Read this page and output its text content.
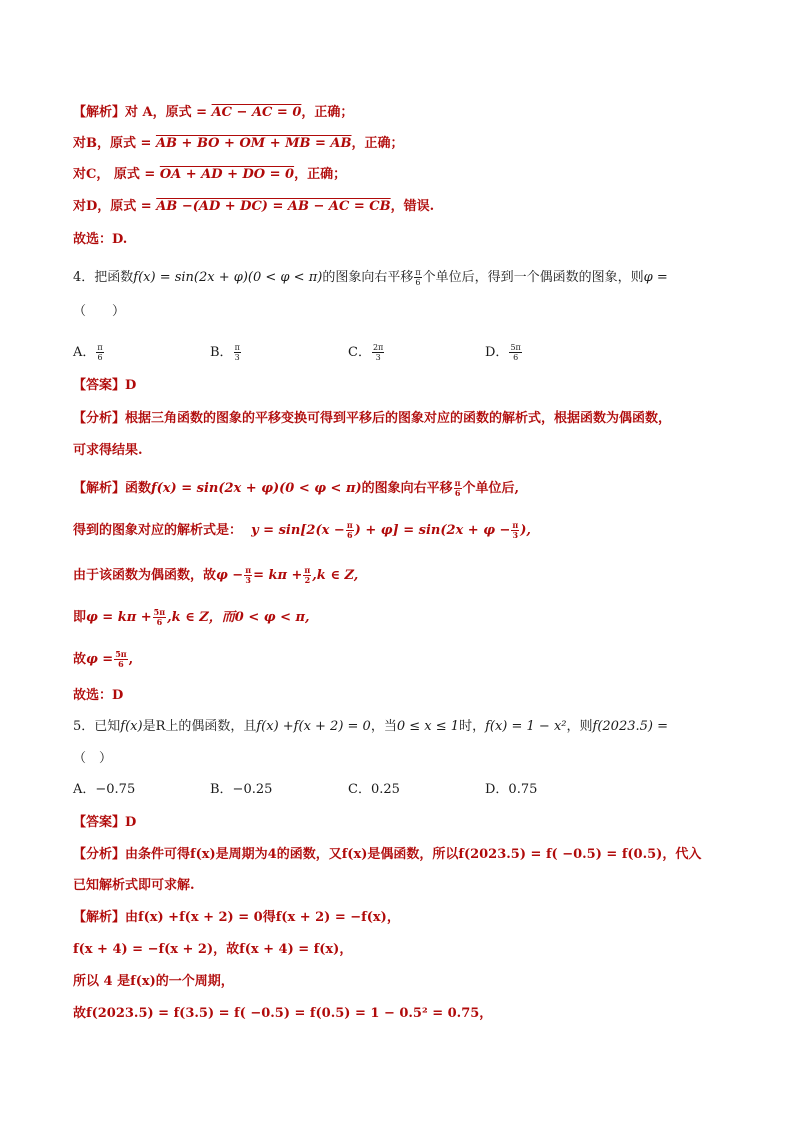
【解析】对 A，原式 = AC − AC = 0，正确；
对B，原式 = AB + BO + OM + MB = AB，正确；
对C， 原式 = OA + AD + DO = 0，正确；
对D，原式 = AB −(AD + DC) = AB − AC = CB，错误.
故选：D.
4．把函数f(x) = sin(2x + φ)(0 < φ < π)的图象向右平移 $\frac{\pi}{6}$ 个单位后，得到一个偶函数的图象，则φ =
（　　）
A． $\frac{\pi}{6}$	B． $\frac{\pi}{3}$	C． $\frac{2\pi}{3}$	D． $\frac{5\pi}{6}$
【答案】D
【分析】根据三角函数的图象的平移变换可得到平移后的图象对应的函数的解析式，根据函数为偶函数，
可求得结果.
【解析】函数f(x) = sin(2x + φ)(0 < φ < π)的图象向右平移 $\frac{\pi}{6}$ 个单位后,
得到的图象对应的解析式是： $y = \sin[2(x - \frac{\pi}{6}$ ) + $\varphi] = \sin(2x + \varphi - \frac{\pi}{3}$ ),
由于该函数为偶函数，故$\varphi - \frac{\pi}{3} = k\pi + \frac{\pi}{2} ,k$ ∈ Z,
即$\varphi = k\pi + \frac{5\pi}{6} ,k$ ∈ Z，而0 < φ < π,
故$\varphi = \frac{5\pi}{6}$ ,
故选：D
5．已知f(x)是R上的偶函数，且f(x) +f(x + 2) = 0，当0 ≤ x ≤ 1时，f(x) = 1 − x²，则f(2023.5) =
（　）
A．−0.75	B．−0.25	C．0.25	D．0.75
【答案】D
【分析】由条件可得f(x)是周期为4的函数，又f(x)是偶函数，所以f(2023.5) = f( −0.5) = f(0.5)，代入
已知解析式即可求解.
【解析】由f(x) +f(x + 2) = 0得f(x + 2) = −f(x)，
f(x + 4) = −f(x + 2)，故f(x + 4) = f(x)，
所以 4 是f(x)的一个周期，
故f(2023.5) = f(3.5) = f( −0.5) = f(0.5) = 1 − 0.5² = 0.75，
